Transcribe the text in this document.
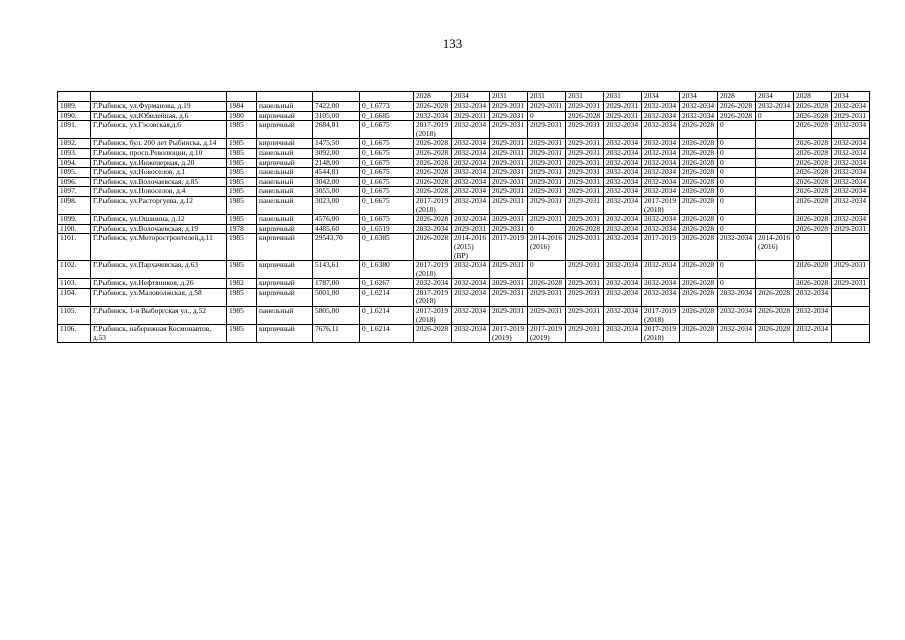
133
						2028	2034	2031	2031	2031	2031	2034	2034	2028	2034	2028	2034
1089.	Г.Рыбинск, ул.Фурманова, д.19	1984	панельный	7422,00	0_1.6773	2026-2028	2032-2034	2029-2031	2029-2031	2029-2031	2029-2031	2032-2034	2032-2034	2026-2028	2032-2034	2026-2028	2032-2034
1090.	Г.Рыбинск, ул.Юбилейная, д.6	1980	кирпичный	3105,00	0_1.6685	2032-2034	2029-2031	2029-2031	0	2026-2028	2029-2031	2032-2034	2032-2034	2026-2028	0	2026-2028	2029-2031
1091.	Г.Рыбинск, ул.Гэсовская,д.6	1985	кирпичный	2684,01	0_1.6675	2017-2019 (2018)	2032-2034	2029-2031	2029-2031	2029-2031	2032-2034	2032-2034	2026-2028	0		2026-2028	2032-2034
1092.	Г.Рыбинск, бул. 200 лет Рыбинска, д.14	1985	кирпичный	1475,50	0_1.6675	2026-2028	2032-2034	2029-2031	2029-2031	2029-2031	2032-2034	2032-2034	2026-2028	0		2026-2028	2032-2034
1093.	Г.Рыбинск, просп.Революции, д.10	1985	панельный	3092,00	0_1.6675	2026-2028	2032-2034	2029-2031	2029-2031	2029-2031	2032-2034	2032-2034	2026-2028	0		2026-2028	2032-2034
1094.	Г.Рыбинск, ул.Инженерная, д.20	1985	кирпичный	2148,00	0_1.6675	2026-2028	2032-2034	2029-2031	2029-2031	2029-2031	2032-2034	2032-2034	2026-2028	0		2026-2028	2032-2034
1095.	Г.Рыбинск, ул.Новоселов, д.1	1985	панельный	4544,81	0_1.6675	2026-2028	2032-2034	2029-2031	2029-2031	2029-2031	2032-2034	2032-2034	2026-2028	0		2026-2028	2032-2034
1096.	Г.Рыбинск, ул.Волочаевская, д.85	1985	панельный	3042,00	0_1.6675	2026-2028	2032-2034	2029-2031	2029-2031	2029-2031	2032-2034	2032-2034	2026-2028	0		2026-2028	2032-2034
1097.	Г.Рыбинск, ул.Новоселов, д.4	1985	панельный	3055,00	0_1.6675	2026-2028	2032-2034	2029-2031	2029-2031	2029-2031	2032-2034	2032-2034	2026-2028	0		2026-2028	2032-2034
1098.	Г.Рыбинск, ул.Расторгуева, д.12	1985	панельный	3023,00	0_1.6675	2017-2019 (2018)	2032-2034	2029-2031	2029-2031	2029-2031	2032-2034	2017-2019 (2018)	2026-2028	0		2026-2028	2032-2034
1099.	Г.Рыбинск, ул.Ошанина, д.12	1985	панельный	4576,00	0_1.6675	2026-2028	2032-2034	2029-2031	2029-2031	2029-2031	2032-2034	2032-2034	2026-2028	0		2026-2028	2032-2034
1100.	Г.Рыбинск, ул.Волочаевская, д.19	1978	кирпичный	4485,60	0_1.6519	2032-2034	2029-2031	2029-2031	0	2026-2028	2032-2034	2032-2034	2026-2028	0		2026-2028	2029-2031
1101.	Г.Рыбинск, ул.Моторостроителей,д.11	1985	кирпичный	29543,70	0_1.6385	2026-2028	2014-2016 (2015) (ВР)	2017-2019	2014-2016 (2016)	2029-2031	2032-2034	2017-2019	2026-2028	2032-2034	2014-2016 (2016)	0	
1102.	Г.Рыбинск, ул.Пархачевская, д.63	1985	кирпичный	5143,61	0_1.6380	2017-2019 (2018)	2032-2034	2029-2031	0	2029-2031	2032-2034	2032-2034	2026-2028	0		2026-2028	2029-2031
1103.	Г.Рыбинск, ул.Нефтяников, д.26	1982	кирпичный	1787,00	0_1.6267	2032-2034	2032-2034	2029-2031	2026-2028	2029-2031	2032-2034	2032-2034	2026-2028	0		2026-2028	2029-2031
1104.	Г.Рыбинск, ул.Маловолжская, д.58	1985	кирпичный	5001,00	0_1.6214	2017-2019 (2018)	2032-2034	2029-2031	2029-2031	2029-2031	2032-2034	2032-2034	2026-2028	2032-2034	2026-2028	2032-2034	
1105.	Г.Рыбинск, 1-я Выборгская ул., д.52	1985	панельный	5805,00	0_1.6214	2017-2019 (2018)	2032-2034	2029-2031	2029-2031	2029-2031	2032-2034	2017-2019 (2018)	2026-2028	2032-2034	2026-2028	2032-2034	
1106.	Г.Рыбинск, набережная Космонавтов, д.53	1985	кирпичный	7676,11	0_1.6214	2026-2028	2032-2034	2017-2019 (2019)	2017-2019 (2019)	2029-2031	2032-2034	2017-2019 (2018)	2026-2028	2032-2034	2026-2028	2032-2034	
